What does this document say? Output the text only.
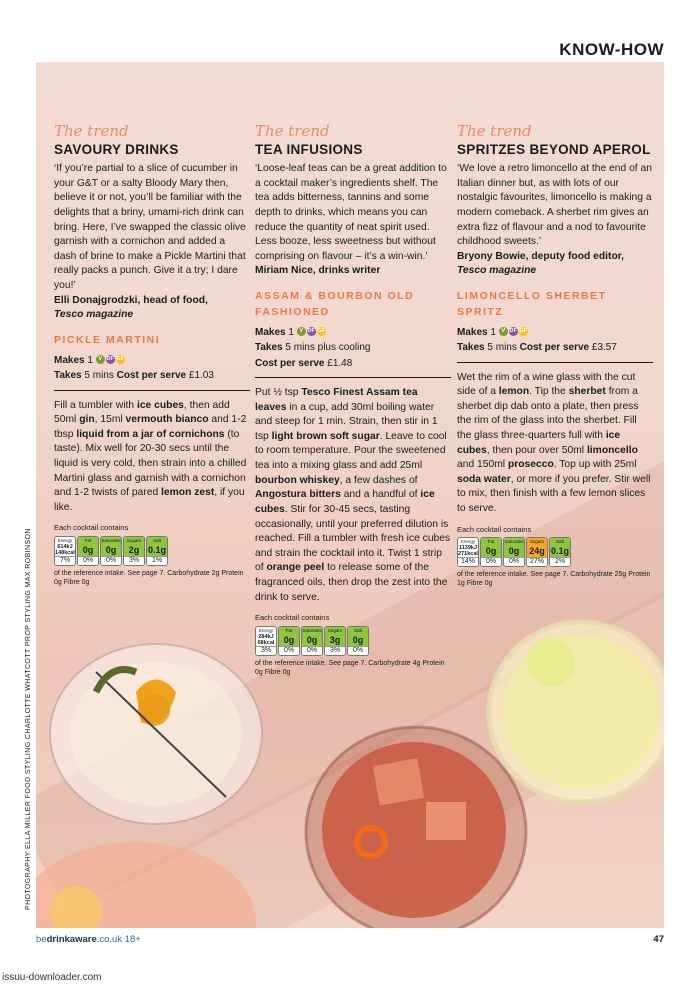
KNOW-HOW
The trend
SAVOURY DRINKS
‘If you’re partial to a slice of cucumber in your G&T or a salty Bloody Mary then, believe it or not, you’ll be familiar with the delights that a briny, umami-rich drink can bring. Here, I’ve swapped the classic olive garnish with a cornichon and added a dash of brine to make a Pickle Martini that really packs a punch. Give it a try; I dare you!’
Elli Donajgrodzki, head of food,
Tesco magazine
PICKLE MARTINI
Makes 1 V DF GF
Takes 5 mins Cost per serve £1.03
Fill a tumbler with ice cubes, then add 50ml gin, 15ml vermouth bianco and 1-2 tbsp liquid from a jar of cornichons (to taste). Mix well for 20-30 secs until the liquid is very cold, then strain into a chilled Martini glass and garnish with a cornichon and 1-2 twists of pared lemon zest, if you like.
Each cocktail contains
Energy
614kJ
148kcal
7%
Fat
0g
0%
Saturates
0g
0%
Sugars
2g
3%
Salt
0.1g
1%
of the reference intake. See page 7. Carbohydrate 2g Protein 0g Fibre 0g
The trend
TEA INFUSIONS
‘Loose-leaf teas can be a great addition to a cocktail maker’s ingredients shelf. The tea adds bitterness, tannins and some depth to drinks, which means you can reduce the quantity of neat spirit used. Less booze, less sweetness but without comprising on flavour – it’s a win-win.’
Miriam Nice, drinks writer
ASSAM & BOURBON OLD FASHIONED
Makes 1 V DF GF
Takes 5 mins plus cooling
Cost per serve £1.48
Put ½ tsp Tesco Finest Assam tea leaves in a cup, add 30ml boiling water and steep for 1 min. Strain, then stir in 1 tsp light brown soft sugar. Leave to cool to room temperature. Pour the sweetened tea into a mixing glass and add 25ml bourbon whiskey, a few dashes of Angostura bitters and a handful of ice cubes. Stir for 30-45 secs, tasting occasionally, until your preferred dilution is reached. Fill a tumbler with fresh ice cubes and strain the cocktail into it. Twist 1 strip of orange peel to release some of the fragranced oils, then drop the zest into the drink to serve.
Each cocktail contains
Energy
284kJ
68kcal
3%
Fat
0g
0%
Saturates
0g
0%
Sugars
3g
3%
Salt
0g
0%
of the reference intake. See page 7. Carbohydrate 4g Protein 0g Fibre 0g
The trend
SPRITZES BEYOND APEROL
‘We love a retro limoncello at the end of an Italian dinner but, as with lots of our nostalgic favourites, limoncello is making a modern comeback. A sherbet rim gives an extra fizz of flavour and a nod to favourite childhood sweets.’
Bryony Bowie, deputy food editor,
Tesco magazine
LIMONCELLO SHERBET SPRITZ
Makes 1 V DF GF
Takes 5 mins Cost per serve £3.57
Wet the rim of a wine glass with the cut side of a lemon. Tip the sherbet from a sherbet dip dab onto a plate, then press the rim of the glass into the sherbet. Fill the glass three-quarters full with ice cubes, then pour over 50ml limoncello and 150ml prosecco. Top up with 25ml soda water, or more if you prefer. Stir well to mix, then finish with a few lemon slices to serve.
Each cocktail contains
Energy
1139kJ
271kcal
14%
Fat
0g
0%
Saturates
0g
0%
Sugars
24g
27%
Salt
0.1g
2%
of the reference intake. See page 7. Carbohydrate 25g Protein 1g Fibre 0g
PHOTOGRAPHY ELLA MILLER FOOD STYLING CHARLOTTE WHATCOTT PROP STYLING MAX ROBINSON
bedrinkaware.co.uk 18+	47
issuu-downloader.com
